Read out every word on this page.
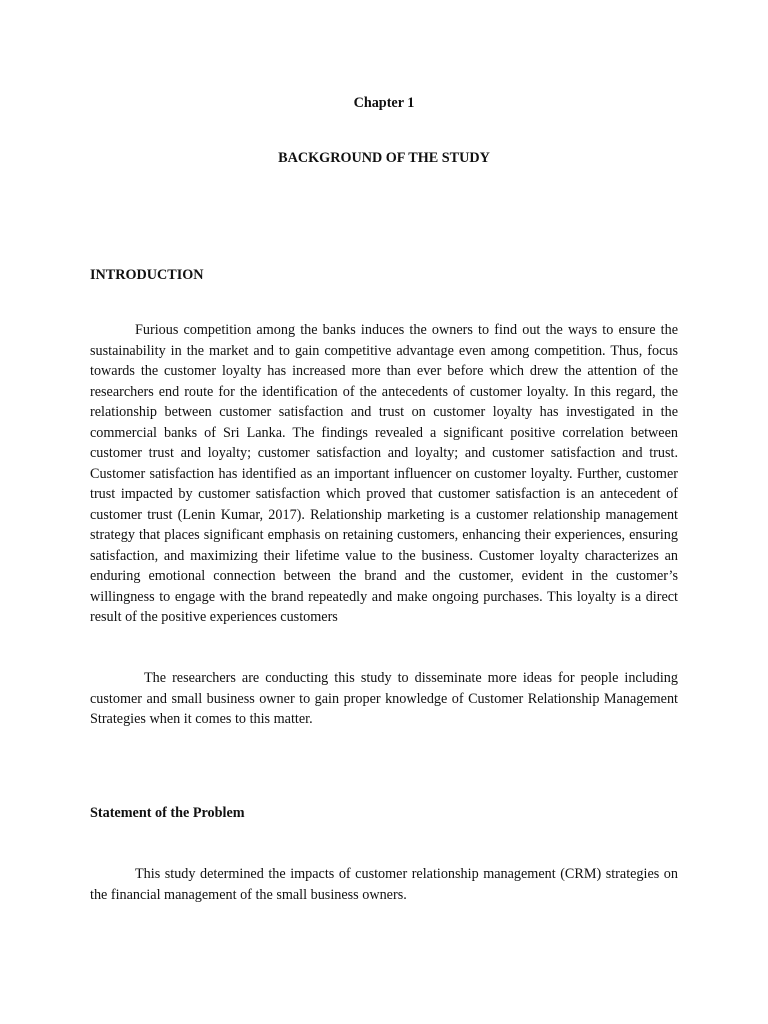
Chapter 1
BACKGROUND OF THE STUDY
INTRODUCTION

Furious competition among the banks induces the owners to find out the ways to ensure the sustainability in the market and to gain competitive advantage even among competition. Thus, focus towards the customer loyalty has increased more than ever before which drew the attention of the researchers end route for the identification of the antecedents of customer loyalty. In this regard, the relationship between customer satisfaction and trust on customer loyalty has investigated in the commercial banks of Sri Lanka. The findings revealed a significant positive correlation between customer trust and loyalty; customer satisfaction and loyalty; and customer satisfaction and trust. Customer satisfaction has identified as an important influencer on customer loyalty. Further, customer trust impacted by customer satisfaction which proved that customer satisfaction is an antecedent of customer trust (Lenin Kumar, 2017). Relationship marketing is a customer relationship management strategy that places significant emphasis on retaining customers, enhancing their experiences, ensuring satisfaction, and maximizing their lifetime value to the business. Customer loyalty characterizes an enduring emotional connection between the brand and the customer, evident in the customer’s willingness to engage with the brand repeatedly and make ongoing purchases. This loyalty is a direct result of the positive experiences customers

The researchers are conducting this study to disseminate more ideas for people including customer and small business owner to gain proper knowledge of Customer Relationship Management Strategies when it comes to this matter.

Statement of the Problem

This study determined the impacts of customer relationship management (CRM) strategies on the financial management of the small business owners.
